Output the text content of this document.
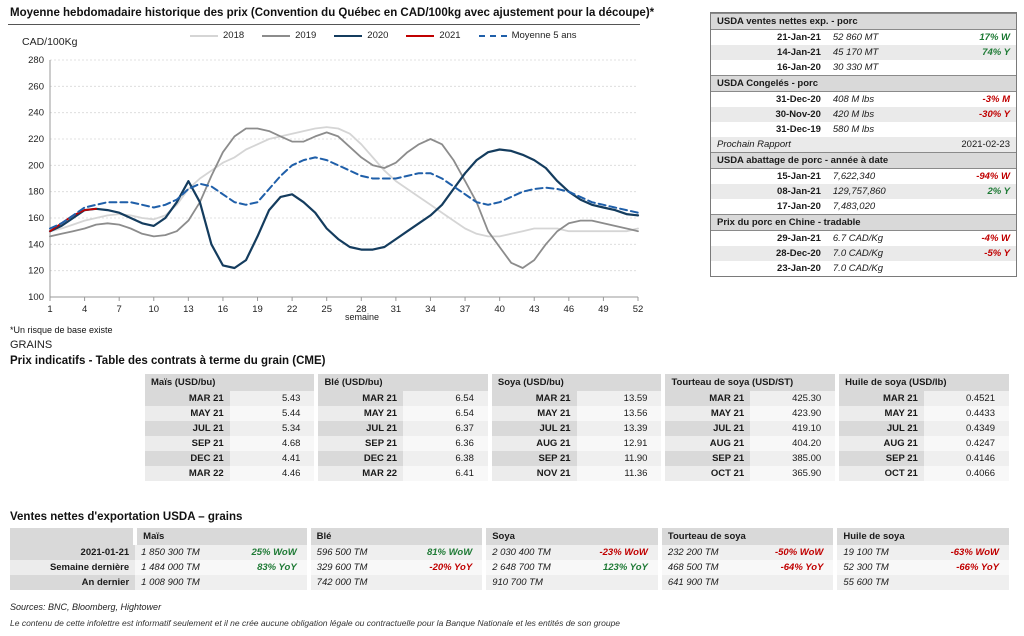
Moyenne hebdomadaire historique des prix (Convention du Québec en CAD/100kg avec ajustement pour la découpe)*
CAD/100Kg
2018	2019	2020	2021	Moyenne 5 ans
100
120
140
160
180
200
220
240
260
280
1	4	7	10	13	16	19	22	25	28	31	34	37	40	43	46	49	52
semaine
*Un risque de base existe
USDA ventes nettes exp. - porc		
21-Jan-21	52 860 MT	17% W
14-Jan-21	45 170 MT	74% Y
16-Jan-20	30 330 MT	
USDA Congelés - porc		
31-Dec-20	408 M lbs	-3% M
30-Nov-20	420 M lbs	-30% Y
31-Dec-19	580 M lbs	
Prochain Rapport	2021-02-23	
USDA abattage de porc - année à date		
15-Jan-21	7,622,340	-94% W
08-Jan-21	129,757,860	2% Y
17-Jan-20	7,483,020	
Prix du porc en Chine - tradable		
29-Jan-21	6.7 CAD/Kg	-4% W
28-Dec-20	7.0 CAD/Kg	-5% Y
23-Jan-20	7.0 CAD/Kg	
GRAINS
Prix indicatifs - Table des contrats à terme du grain (CME)
Maïs (USD/bu)		Blé (USD/bu)		Soya (USD/bu)		Tourteau de soya (USD/ST)		Huile de soya (USD/lb)	
MAR 21	5.43	MAR 21	6.54	MAR 21	13.59	MAR 21	425.30	MAR 21	0.4521
MAY 21	5.44	MAY 21	6.54	MAY 21	13.56	MAY 21	423.90	MAY 21	0.4433
JUL 21	5.34	JUL 21	6.37	JUL 21	13.39	JUL 21	419.10	JUL 21	0.4349
SEP 21	4.68	SEP 21	6.36	AUG 21	12.91	AUG 21	404.20	AUG 21	0.4247
DEC 21	4.41	DEC 21	6.38	SEP 21	11.90	SEP 21	385.00	SEP 21	0.4146
MAR 22	4.46	MAR 22	6.41	NOV 21	11.36	OCT 21	365.90	OCT 21	0.4066
Ventes nettes d'exportation USDA – grains
	Maïs		Blé		Soya		Tourteau de soya		Huile de soya	
2021-01-21	1 850 300 TM	25% WoW	596 500 TM	81% WoW	2 030 400 TM	-23% WoW	232 200 TM	-50% WoW	19 100 TM	-63% WoW
Semaine dernière	1 484 000 TM	83% YoY	329 600 TM	-20% YoY	2 648 700 TM	123% YoY	468 500 TM	-64% YoY	52 300 TM	-66% YoY
An dernier	1 008 900 TM		742 000 TM		910 700 TM		641 900 TM		55 600 TM	
Sources: BNC, Bloomberg, Hightower
Le contenu de cette infolettre est informatif seulement et il ne crée aucune obligation légale ou contractuelle pour la Banque Nationale et les entités de son groupe
